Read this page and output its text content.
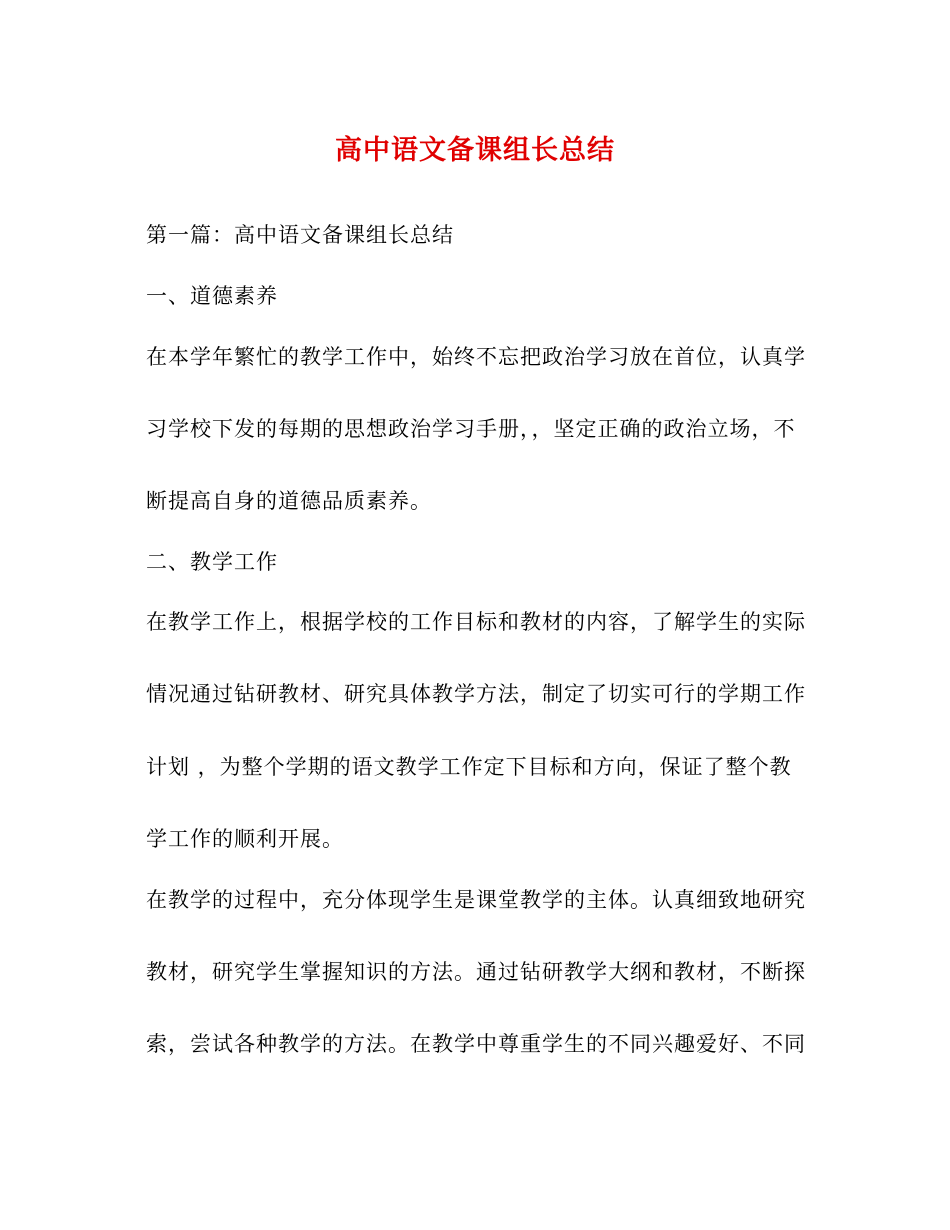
高中语文备课组长总结
第一篇：高中语文备课组长总结
一、道德素养
在本学年繁忙的教学工作中，始终不忘把政治学习放在首位，认真学
习学校下发的每期的思想政治学习手册，，坚定正确的政治立场，不
断提高自身的道德品质素养。
二、教学工作
在教学工作上，根据学校的工作目标和教材的内容，了解学生的实际
情况通过钻研教材、研究具体教学方法，制定了切实可行的学期工作
计划 ，为整个学期的语文教学工作定下目标和方向，保证了整个教
学工作的顺利开展。
在教学的过程中，充分体现学生是课堂教学的主体。认真细致地研究
教材，研究学生掌握知识的方法。通过钻研教学大纲和教材，不断探
索，尝试各种教学的方法。在教学中尊重学生的不同兴趣爱好、不同
